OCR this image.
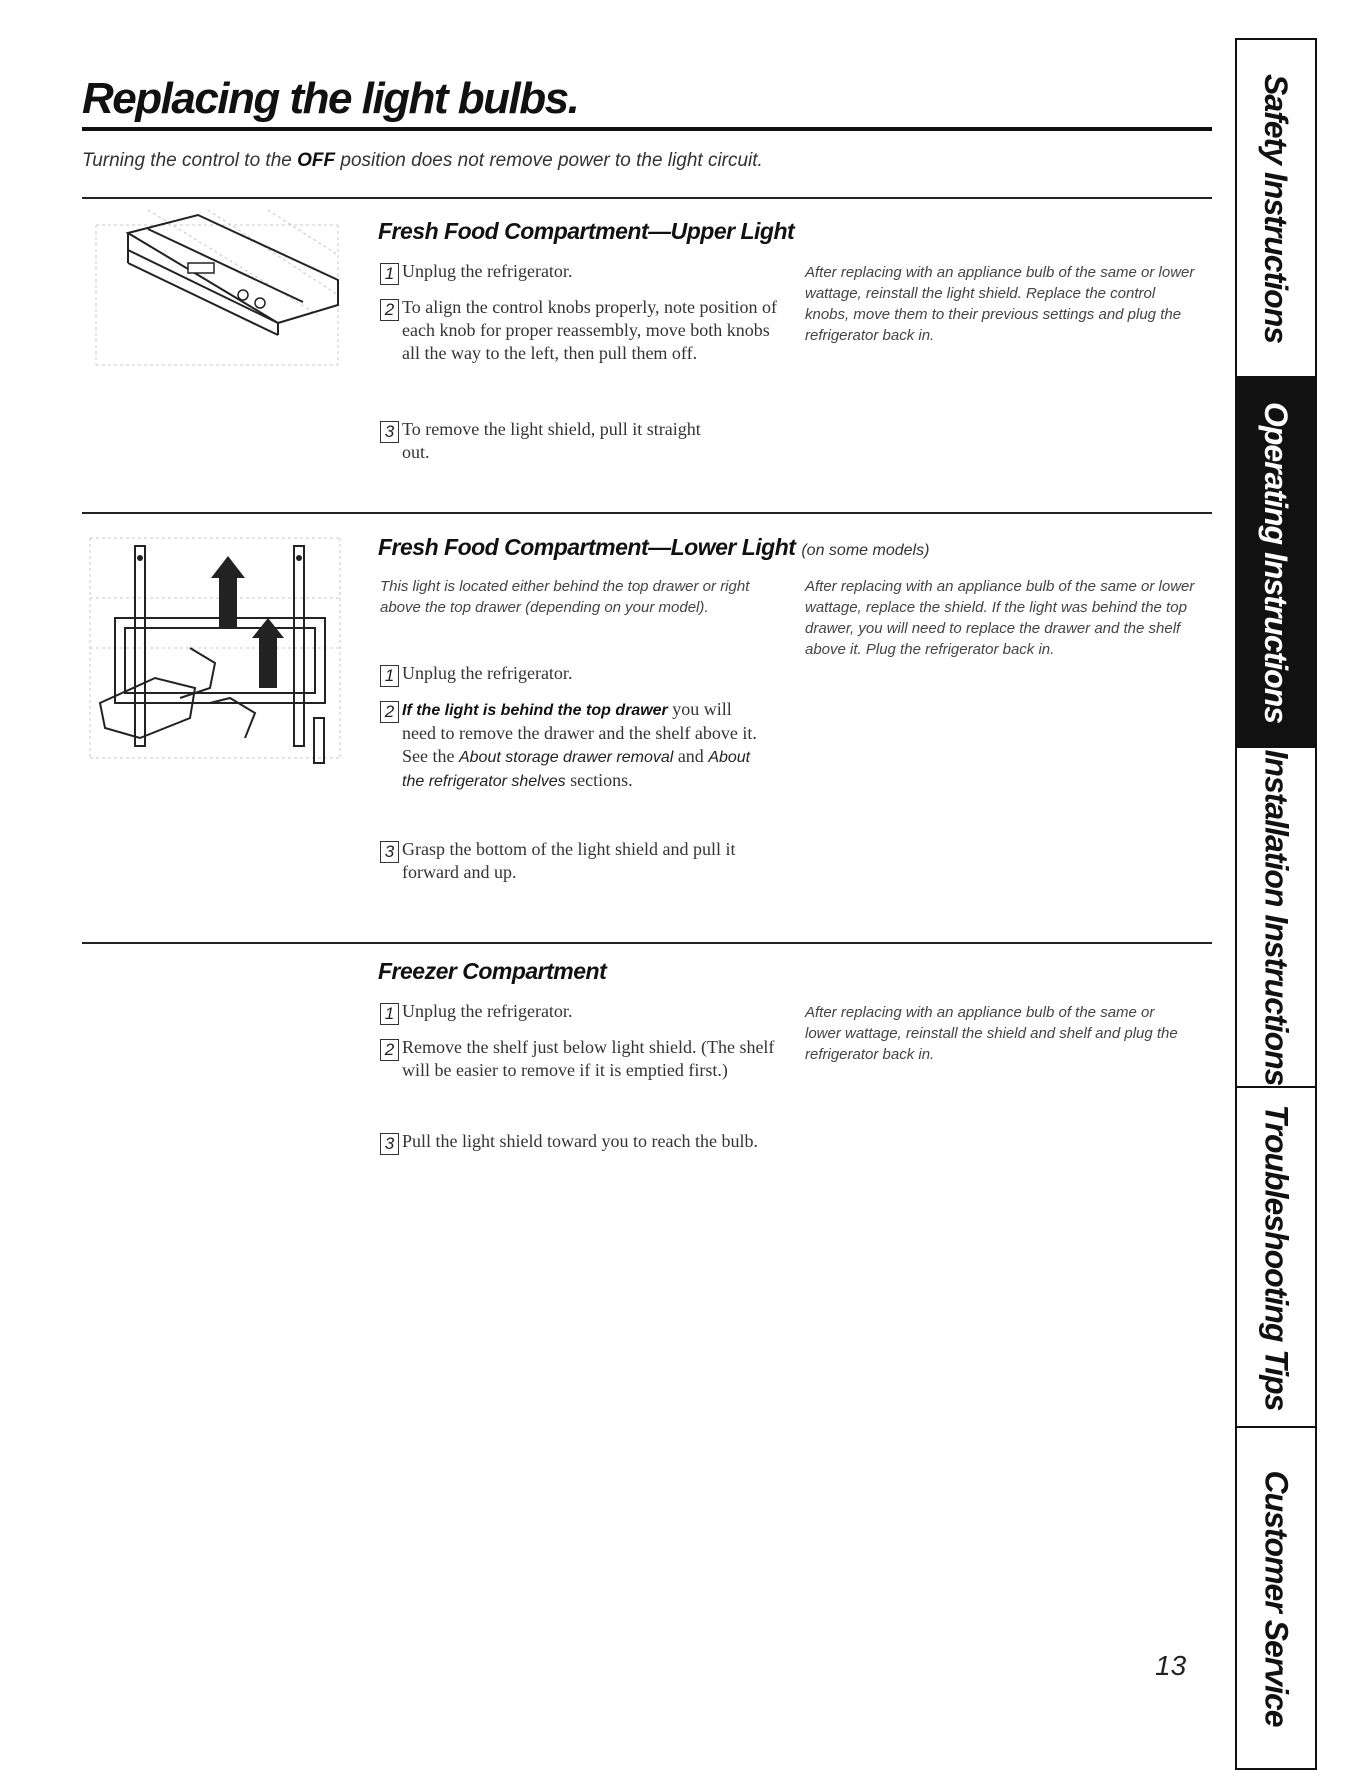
Replacing the light bulbs.

Turning the control to the OFF position does not remove power to the light circuit.

Fresh Food Compartment—Upper Light
1 Unplug the refrigerator.
2 To align the control knobs properly, note position of each knob for proper reassembly, move both knobs all the way to the left, then pull them off.
3 To remove the light shield, pull it straight out.

After replacing with an appliance bulb of the same or lower wattage, reinstall the light shield. Replace the control knobs, move them to their previous settings and plug the refrigerator back in.

Fresh Food Compartment—Lower Light (on some models)

This light is located either behind the top drawer or right above the top drawer (depending on your model).

1 Unplug the refrigerator.
2 If the light is behind the top drawer you will need to remove the drawer and the shelf above it. See the About storage drawer removal and About the refrigerator shelves sections.
3 Grasp the bottom of the light shield and pull it forward and up.

After replacing with an appliance bulb of the same or lower wattage, replace the shield. If the light was behind the top drawer, you will need to replace the drawer and the shelf above it. Plug the refrigerator back in.

Freezer Compartment
1 Unplug the refrigerator.
2 Remove the shelf just below light shield. (The shelf will be easier to remove if it is emptied first.)
3 Pull the light shield toward you to reach the bulb.

After replacing with an appliance bulb of the same or lower wattage, reinstall the shield and shelf and plug the refrigerator back in.

13

Safety Instructions
Operating Instructions
Installation Instructions
Troubleshooting Tips
Customer Service
